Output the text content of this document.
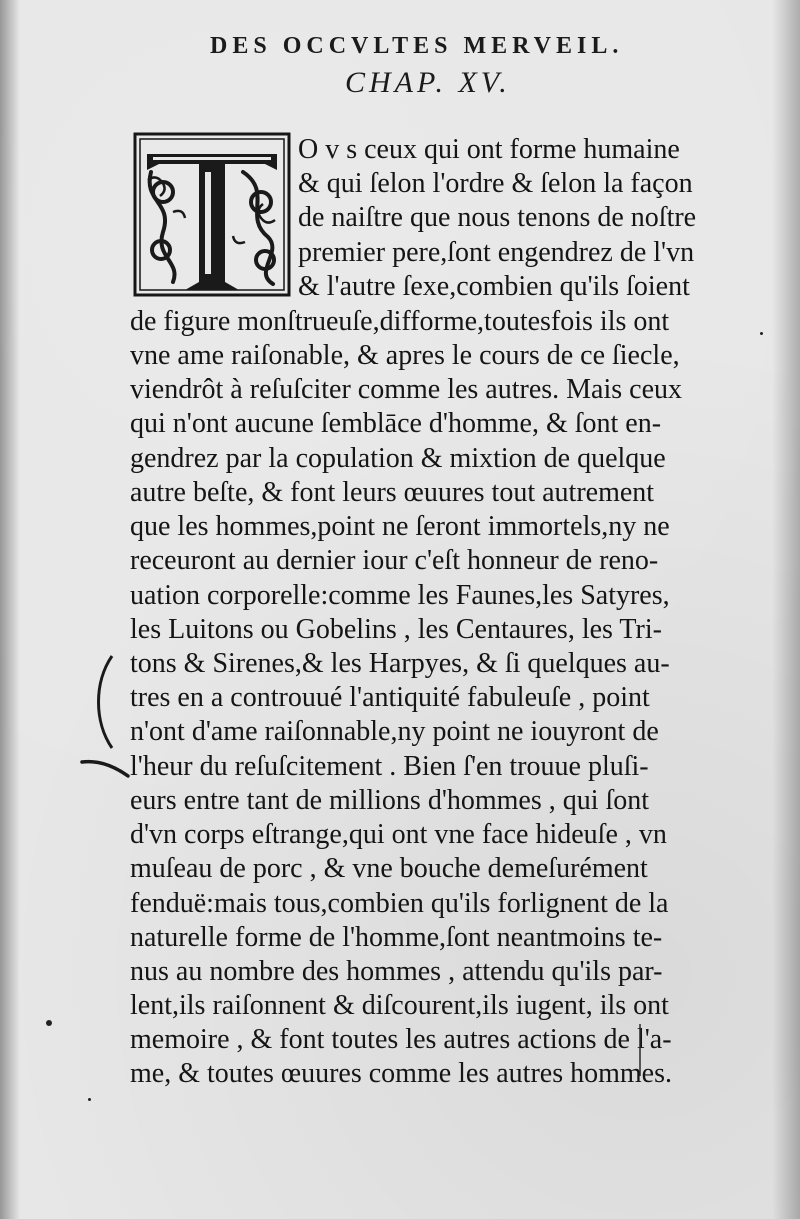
DES OCCVLTES MERVEIL.
CHAP. XV.
O v s ceux qui ont forme humaine
& qui ſelon l'ordre & ſelon la façon
de naiſtre que nous tenons de noſtre
premier pere,ſont engendrez de l'vn
& l'autre ſexe,combien qu'ils ſoient
de figure monſtrueuſe,difforme,toutesfois ils ont
vne ame raiſonable, & apres le cours de ce ſiecle,
viendrôt à reſuſciter comme les autres. Mais ceux
qui n'ont aucune ſemblāce d'homme, & ſont en-
gendrez par la copulation & mixtion de quelque
autre beſte, & font leurs œuures tout autrement
que les hommes,point ne ſeront immortels,ny ne
receuront au dernier iour c'eſt honneur de reno-
uation corporelle:comme les Faunes,les Satyres,
les Luitons ou Gobelins , les Centaures, les Tri-
tons & Sirenes,& les Harpyes, & ſi quelques au-
tres en a controuué l'antiquité fabuleuſe , point
n'ont d'ame raiſonnable,ny point ne iouyront de
l'heur du reſuſcitement . Bien ſ'en trouue pluſi-
eurs entre tant de millions d'hommes , qui ſont
d'vn corps eſtrange,qui ont vne face hideuſe , vn
muſeau de porc , & vne bouche demeſurément
fenduë:mais tous,combien qu'ils forlignent de la
naturelle forme de l'homme,ſont neantmoins te-
nus au nombre des hommes , attendu qu'ils par-
lent,ils raiſonnent & diſcourent,ils iugent, ils ont
memoire , & font toutes les autres actions de l'a-
me, & toutes œuures comme les autres hommes.
